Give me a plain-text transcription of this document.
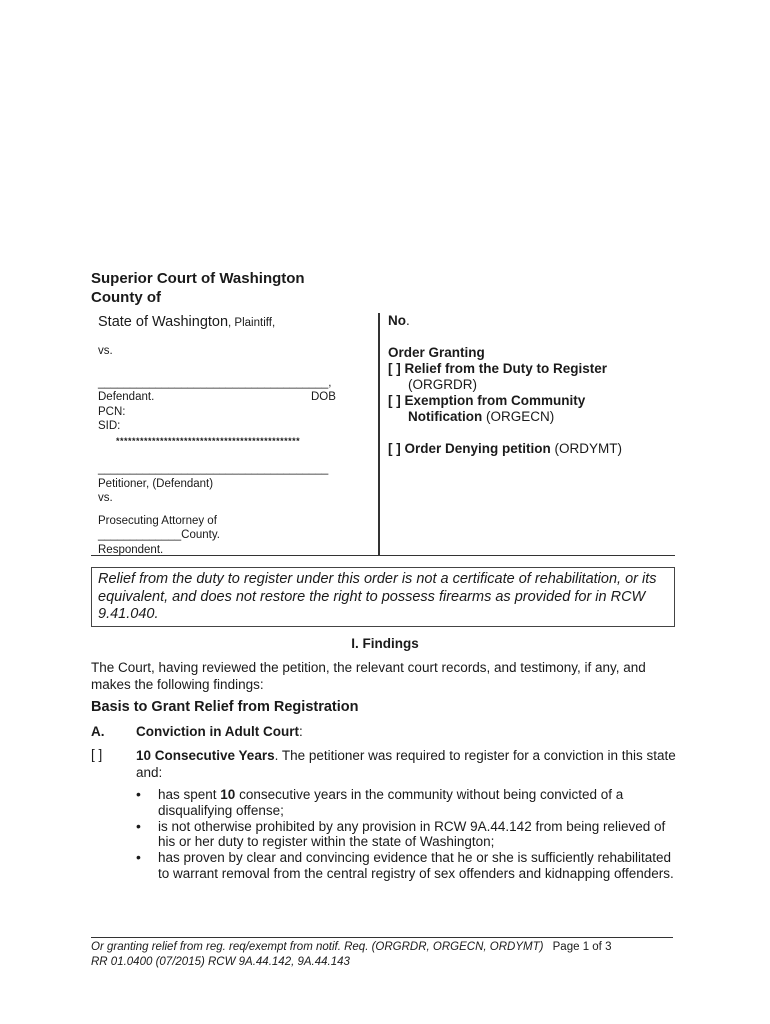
Superior Court of Washington
County of
State of Washington, Plaintiff,
vs.
____________________________________,
Defendant.	DOB
PCN:
SID:
**********************************************
____________________________________
Petitioner, (Defendant)
vs.
Prosecuting Attorney of
_____________County.
Respondent.
No.
Order Granting
[ ] Relief from the Duty to Register
(ORGRDR)
[ ] Exemption from Community
Notification (ORGECN)
[ ] Order Denying petition (ORDYMT)
Relief from the duty to register under this order is not a certificate of rehabilitation, or its equivalent, and does not restore the right to possess firearms as provided for in RCW 9.41.040.
I. Findings
The Court, having reviewed the petition, the relevant court records, and testimony, if any, and makes the following findings:
Basis to Grant Relief from Registration
A. Conviction in Adult Court:
[ ] 10 Consecutive Years. The petitioner was required to register for a conviction in this state and:
• has spent 10 consecutive years in the community without being convicted of a disqualifying offense;
• is not otherwise prohibited by any provision in RCW 9A.44.142 from being relieved of his or her duty to register within the state of Washington;
• has proven by clear and convincing evidence that he or she is sufficiently rehabilitated to warrant removal from the central registry of sex offenders and kidnapping offenders.
Or granting relief from reg. req/exempt from notif. Req. (ORGRDR, ORGECN, ORDYMT) Page 1 of 3
RR 01.0400 (07/2015) RCW 9A.44.142, 9A.44.143
